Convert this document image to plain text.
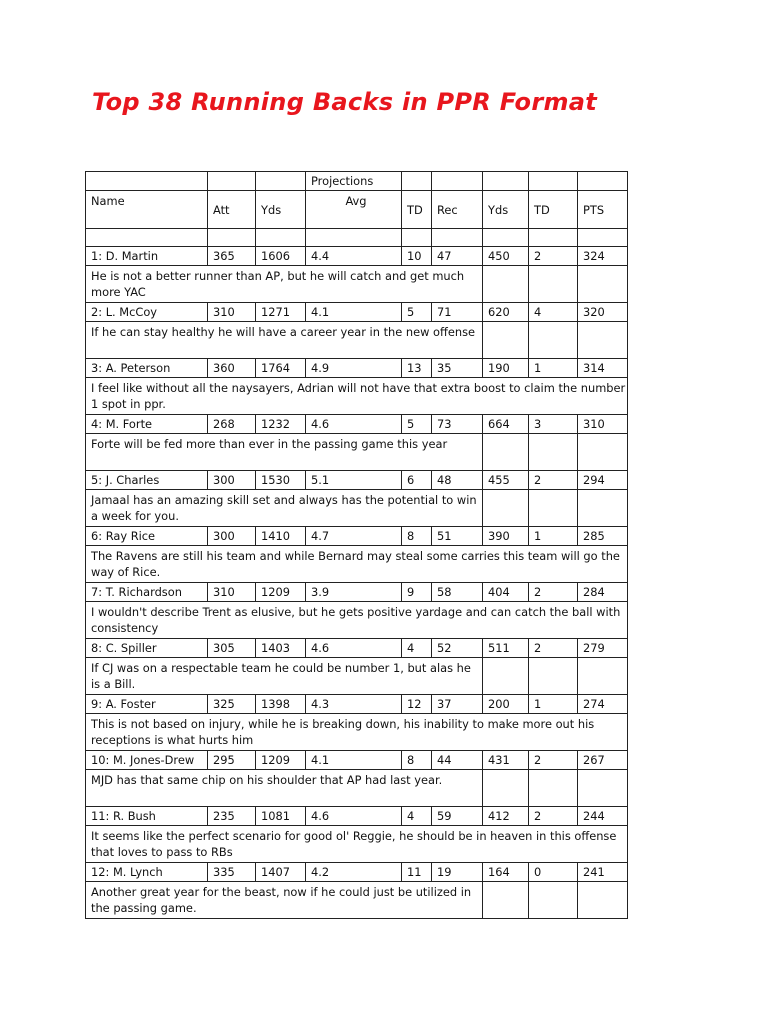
Top 38 Running Backs in PPR Format
			Projections					
Name	Att	Yds	Avg	TD	Rec	Yds	TD	PTS

1: D. Martin	365	1606	4.4	10	47	450	2	324
He is not a better runner than AP, but he will catch and get much more YAC								
2: L. McCoy	310	1271	4.1	5	71	620	4	320
If he can stay healthy he will have a career year in the new offense								
3: A. Peterson	360	1764	4.9	13	35	190	1	314
I feel like without all the naysayers, Adrian will not have that extra boost to claim the number 1 spot in ppr.								
4: M. Forte	268	1232	4.6	5	73	664	3	310
Forte will be fed more than ever in the passing game this year								
5: J. Charles	300	1530	5.1	6	48	455	2	294
Jamaal has an amazing skill set and always has the potential to win a week for you.								
6: Ray Rice	300	1410	4.7	8	51	390	1	285
The Ravens are still his team and while Bernard may steal some carries this team will go the way of Rice.								
7: T. Richardson	310	1209	3.9	9	58	404	2	284
I wouldn't describe Trent as elusive, but he gets positive yardage and can catch the ball with consistency								
8: C. Spiller	305	1403	4.6	4	52	511	2	279
If CJ was on a respectable team he could be number 1, but alas he is a Bill.								
9: A. Foster	325	1398	4.3	12	37	200	1	274
This is not based on injury, while he is breaking down, his inability to make more out his receptions is what hurts him								
10: M. Jones-Drew	295	1209	4.1	8	44	431	2	267
MJD has that same chip on his shoulder that AP had last year.								
11: R. Bush	235	1081	4.6	4	59	412	2	244
It seems like the perfect scenario for good ol' Reggie, he should be in heaven in this offense that loves to pass to RBs								
12: M. Lynch	335	1407	4.2	11	19	164	0	241
Another great year for the beast, now if he could just be utilized in the passing game.								
